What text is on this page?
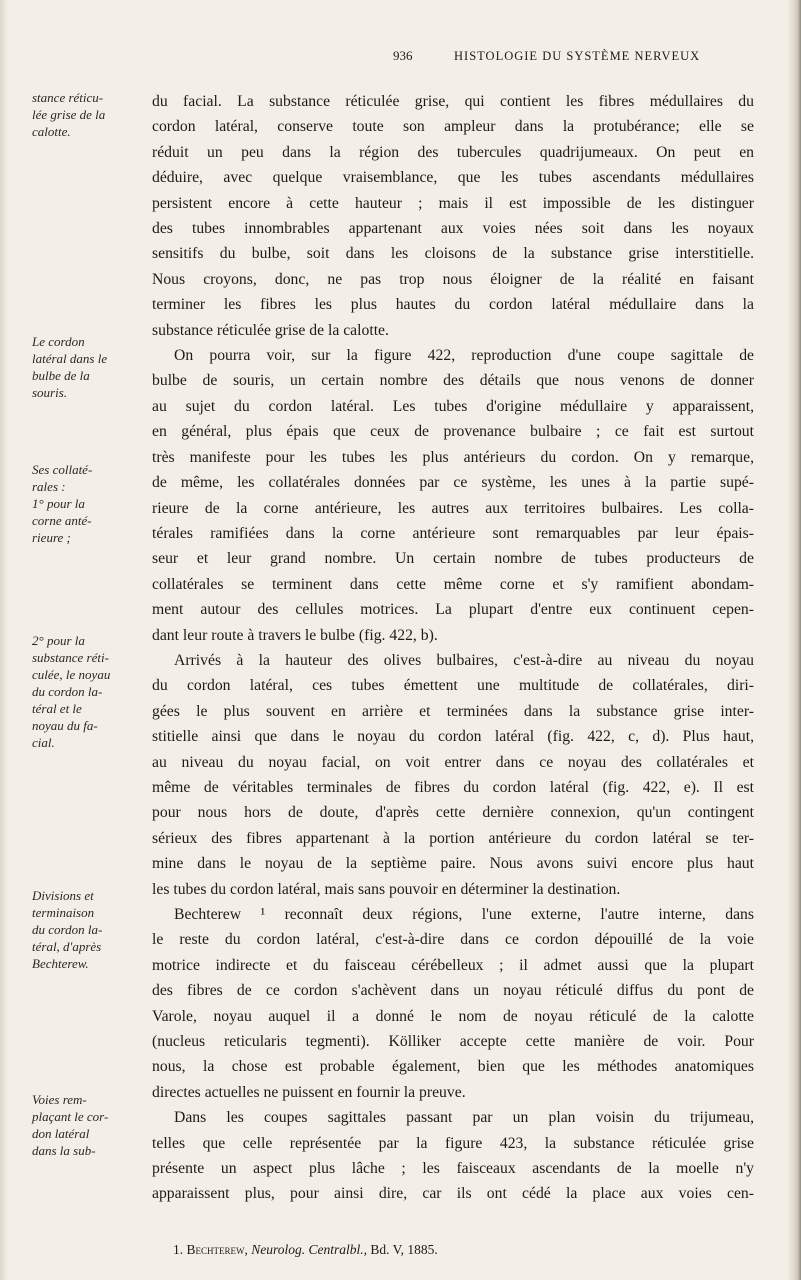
936	HISTOLOGIE DU SYSTÈME NERVEUX
stance réticu-
lée grise de la
calotte.
Le cordon
latéral dans le
bulbe de la
souris.
Ses collaté-
rales :
1° pour la
corne anté-
rieure ;
2° pour la
substance réti-
culée, le noyau
du cordon la-
téral et le
noyau du fa-
cial.
Divisions et
terminaison
du cordon la-
téral, d'après
Bechterew.
Voies rem-
plaçant le cor-
don latéral
dans la sub-
du facial. La substance réticulée grise, qui contient les fibres médullaires du
cordon latéral, conserve toute son ampleur dans la protubérance; elle se
réduit un peu dans la région des tubercules quadrijumeaux. On peut en
déduire, avec quelque vraisemblance, que les tubes ascendants médullaires
persistent encore à cette hauteur ; mais il est impossible de les distinguer
des tubes innombrables appartenant aux voies nées soit dans les noyaux
sensitifs du bulbe, soit dans les cloisons de la substance grise interstitielle.
Nous croyons, donc, ne pas trop nous éloigner de la réalité en faisant
terminer les fibres les plus hautes du cordon latéral médullaire dans la
substance réticulée grise de la calotte.
On pourra voir, sur la figure 422, reproduction d'une coupe sagittale de
bulbe de souris, un certain nombre des détails que nous venons de donner
au sujet du cordon latéral. Les tubes d'origine médullaire y apparaissent,
en général, plus épais que ceux de provenance bulbaire ; ce fait est surtout
très manifeste pour les tubes les plus antérieurs du cordon. On y remarque,
de même, les collatérales données par ce système, les unes à la partie supé-
rieure de la corne antérieure, les autres aux territoires bulbaires. Les colla-
térales ramifiées dans la corne antérieure sont remarquables par leur épais-
seur et leur grand nombre. Un certain nombre de tubes producteurs de
collatérales se terminent dans cette même corne et s'y ramifient abondam-
ment autour des cellules motrices. La plupart d'entre eux continuent cepen-
dant leur route à travers le bulbe (fig. 422, b).
Arrivés à la hauteur des olives bulbaires, c'est-à-dire au niveau du noyau
du cordon latéral, ces tubes émettent une multitude de collatérales, diri-
gées le plus souvent en arrière et terminées dans la substance grise inter-
stitielle ainsi que dans le noyau du cordon latéral (fig. 422, c, d). Plus haut,
au niveau du noyau facial, on voit entrer dans ce noyau des collatérales et
même de véritables terminales de fibres du cordon latéral (fig. 422, e). Il est
pour nous hors de doute, d'après cette dernière connexion, qu'un contingent
sérieux des fibres appartenant à la portion antérieure du cordon latéral se ter-
mine dans le noyau de la septième paire. Nous avons suivi encore plus haut
les tubes du cordon latéral, mais sans pouvoir en déterminer la destination.
Bechterew ¹ reconnaît deux régions, l'une externe, l'autre interne, dans
le reste du cordon latéral, c'est-à-dire dans ce cordon dépouillé de la voie
motrice indirecte et du faisceau cérébelleux ; il admet aussi que la plupart
des fibres de ce cordon s'achèvent dans un noyau réticulé diffus du pont de
Varole, noyau auquel il a donné le nom de noyau réticulé de la calotte
(nucleus reticularis tegmenti). Kölliker accepte cette manière de voir. Pour
nous, la chose est probable également, bien que les méthodes anatomiques
directes actuelles ne puissent en fournir la preuve.
Dans les coupes sagittales passant par un plan voisin du trijumeau,
telles que celle représentée par la figure 423, la substance réticulée grise
présente un aspect plus lâche ; les faisceaux ascendants de la moelle n'y
apparaissent plus, pour ainsi dire, car ils ont cédé la place aux voies cen-
1. Bechterew, Neurolog. Centralbl., Bd. V, 1885.
